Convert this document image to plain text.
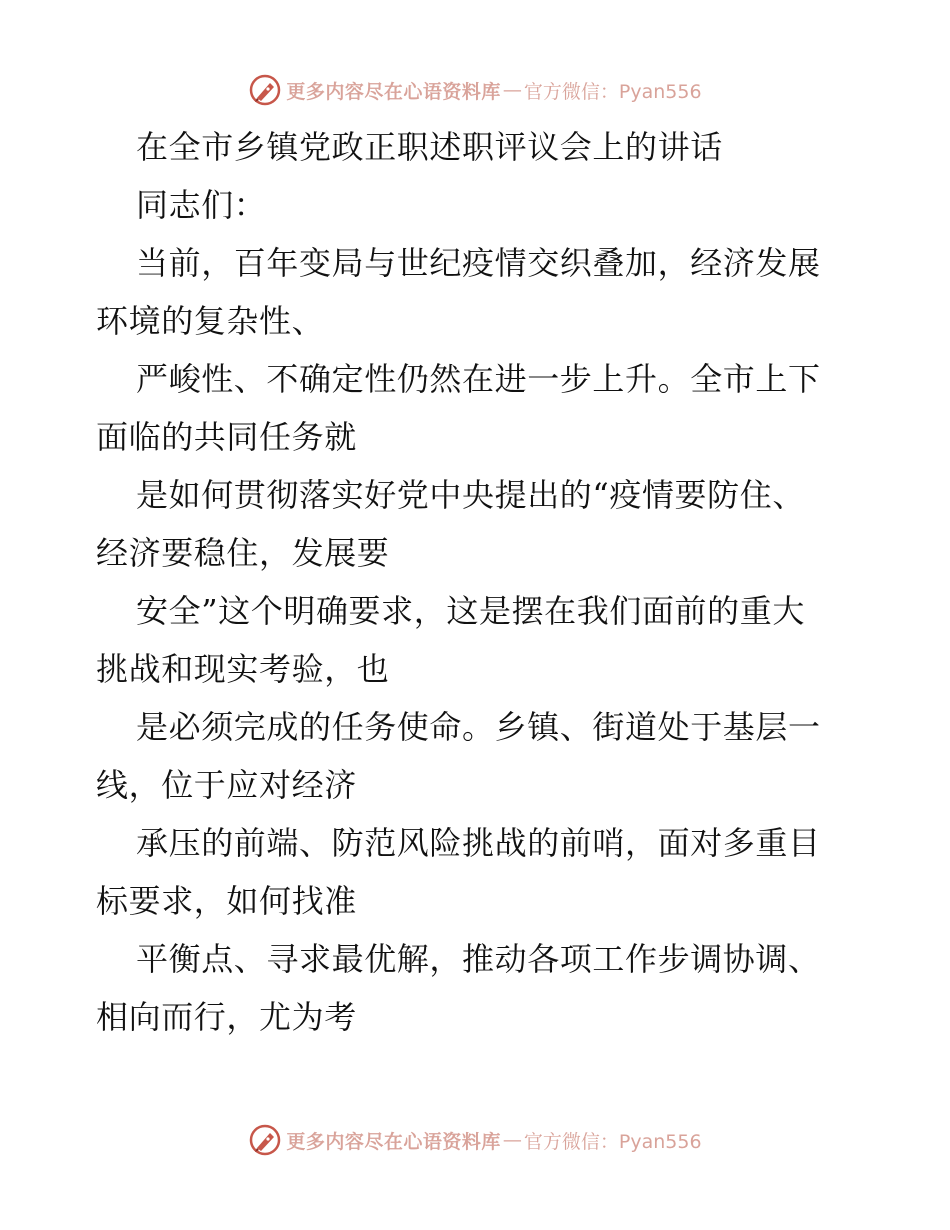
更多内容尽在心语资料库 — 官方微信：Pyan556
在全市乡镇党政正职述职评议会上的讲话
同志们：
当前，百年变局与世纪疫情交织叠加，经济发展
环境的复杂性、
严峻性、不确定性仍然在进一步上升。全市上下
面临的共同任务就
是如何贯彻落实好党中央提出的“疫情要防住、
经济要稳住，发展要
安全”这个明确要求，这是摆在我们面前的重大
挑战和现实考验，也
是必须完成的任务使命。乡镇、街道处于基层一
线，位于应对经济
承压的前端、防范风险挑战的前哨，面对多重目
标要求，如何找准
平衡点、寻求最优解，推动各项工作步调协调、
相向而行，尤为考
更多内容尽在心语资料库 — 官方微信：Pyan556
